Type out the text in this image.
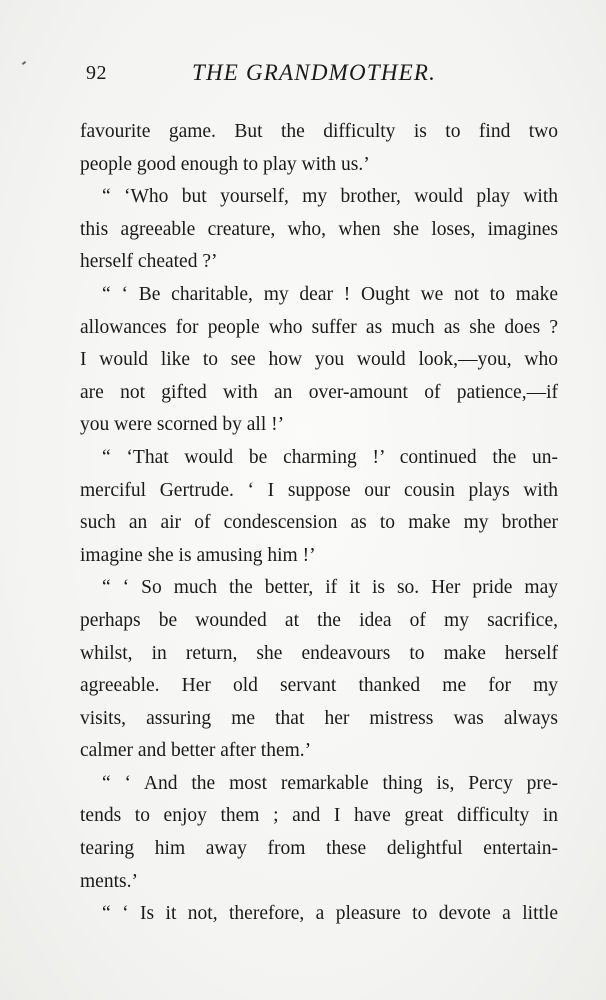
92	THE GRANDMOTHER.
favourite game. But the difficulty is to find two
people good enough to play with us.’
“ ‘Who but yourself, my brother, would play with
this agreeable creature, who, when she loses, imagines
herself cheated ?’
“ ‘ Be charitable, my dear ! Ought we not to make
allowances for people who suffer as much as she does ?
I would like to see how you would look,—you, who
are not gifted with an over-amount of patience,—if
you were scorned by all !’
“ ‘That would be charming !’ continued the un-
merciful Gertrude. ‘ I suppose our cousin plays with
such an air of condescension as to make my brother
imagine she is amusing him !’
“ ‘ So much the better, if it is so. Her pride may
perhaps be wounded at the idea of my sacrifice,
whilst, in return, she endeavours to make herself
agreeable. Her old servant thanked me for my
visits, assuring me that her mistress was always
calmer and better after them.’
“ ‘ And the most remarkable thing is, Percy pre-
tends to enjoy them ; and I have great difficulty in
tearing him away from these delightful entertain-
ments.’
“ ‘ Is it not, therefore, a pleasure to devote a little
